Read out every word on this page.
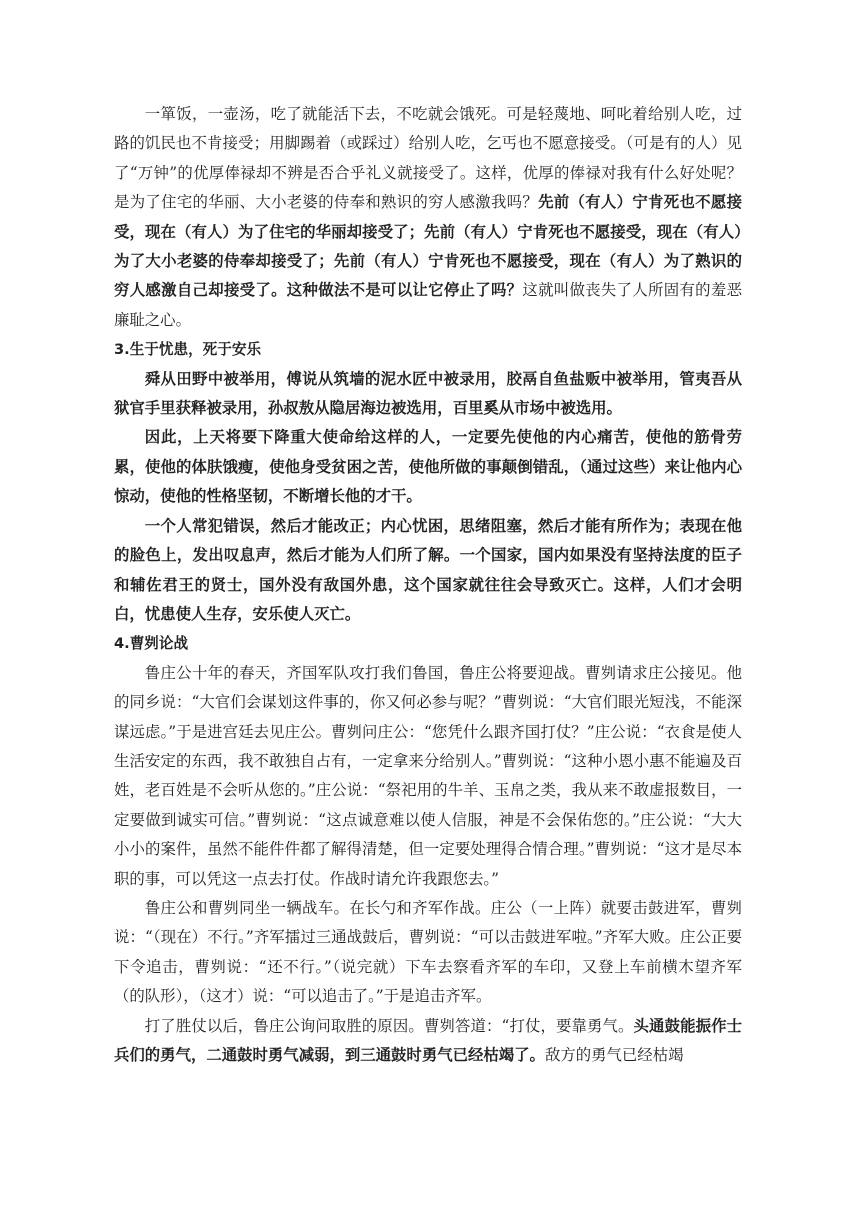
一箪饭，一壶汤，吃了就能活下去，不吃就会饿死。可是轻蔑地、呵叱着给别人吃，过路的饥民也不肯接受；用脚踢着（或踩过）给别人吃，乞丐也不愿意接受。（可是有的人）见了“万钟”的优厚俸禄却不辨是否合乎礼义就接受了。这样，优厚的俸禄对我有什么好处呢？是为了住宅的华丽、大小老婆的侍奉和熟识的穷人感激我吗？先前（有人）宁肯死也不愿接受，现在（有人）为了住宅的华丽却接受了；先前（有人）宁肯死也不愿接受，现在（有人）为了大小老婆的侍奉却接受了；先前（有人）宁肯死也不愿接受，现在（有人）为了熟识的穷人感激自己却接受了。这种做法不是可以让它停止了吗？这就叫做丧失了人所固有的羞恶廉耻之心。

3.生于忧患，死于安乐

舜从田野中被举用，傅说从筑墙的泥水匠中被录用，胶鬲自鱼盐贩中被举用，管夷吾从狱官手里获释被录用，孙叔敖从隐居海边被选用，百里奚从市场中被选用。

因此，上天将要下降重大使命给这样的人，一定要先使他的内心痛苦，使他的筋骨劳累，使他的体肤饿瘦，使他身受贫困之苦，使他所做的事颠倒错乱，（通过这些）来让他内心惊动，使他的性格坚韧，不断增长他的才干。

一个人常犯错误，然后才能改正；内心忧困，思绪阻塞，然后才能有所作为；表现在他的脸色上，发出叹息声，然后才能为人们所了解。一个国家，国内如果没有坚持法度的臣子和辅佐君王的贤士，国外没有敌国外患，这个国家就往往会导致灭亡。这样，人们才会明白，忧患使人生存，安乐使人灭亡。

4.曹刿论战

鲁庄公十年的春天，齐国军队攻打我们鲁国，鲁庄公将要迎战。曹刿请求庄公接见。他的同乡说：“大官们会谋划这件事的，你又何必参与呢？”曹刿说：“大官们眼光短浅，不能深谋远虑。”于是进宫廷去见庄公。曹刿问庄公：“您凭什么跟齐国打仗？”庄公说：“衣食是使人生活安定的东西，我不敢独自占有，一定拿来分给别人。”曹刿说：“这种小恩小惠不能遍及百姓，老百姓是不会听从您的。”庄公说：“祭祀用的牛羊、玉帛之类，我从来不敢虚报数目，一定要做到诚实可信。”曹刿说：“这点诚意难以使人信服，神是不会保佑您的。”庄公说：“大大小小的案件，虽然不能件件都了解得清楚，但一定要处理得合情合理。”曹刿说：“这才是尽本职的事，可以凭这一点去打仗。作战时请允许我跟您去。”

鲁庄公和曹刿同坐一辆战车。在长勺和齐军作战。庄公（一上阵）就要击鼓进军，曹刿说：“（现在）不行。”齐军擂过三通战鼓后，曹刿说：“可以击鼓进军啦。”齐军大败。庄公正要下令追击，曹刿说：“还不行。”（说完就）下车去察看齐军的车印，又登上车前横木望齐军（的队形），（这才）说：“可以追击了。”于是追击齐军。

打了胜仗以后，鲁庄公询问取胜的原因。曹刿答道：“打仗，要靠勇气。头通鼓能振作士兵们的勇气，二通鼓时勇气减弱，到三通鼓时勇气已经枯竭了。敌方的勇气已经枯竭
